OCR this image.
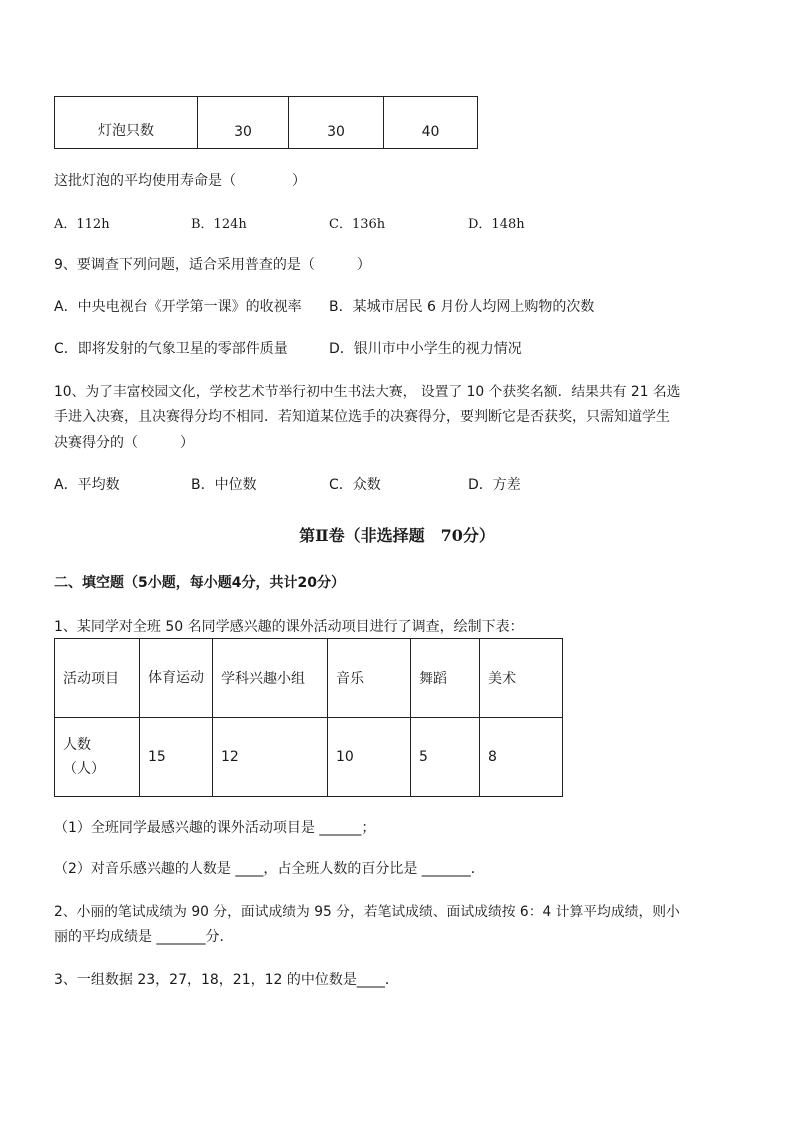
灯泡只数	30	30	40
这批灯泡的平均使用寿命是（　　　　）
A．112h	B．124h	C．136h	D．148h
9、要调查下列问题，适合采用普查的是（　　　）
A．中央电视台《开学第一课》的收视率 B．某城市居民 6 月份人均网上购物的次数
C．即将发射的气象卫星的零部件质量	D．银川市中小学生的视力情况
10、为了丰富校园文化，学校艺术节举行初中生书法大赛， 设置了 10 个获奖名额．结果共有 21 名选
手进入决赛，且决赛得分均不相同．若知道某位选手的决赛得分，要判断它是否获奖，只需知道学生
决赛得分的（　　　）
A．平均数	B．中位数	C．众数	D．方差
第Ⅱ卷（非选择题　70分）
二、填空题（5小题，每小题4分，共计20分）
1、某同学对全班 50 名同学感兴趣的课外活动项目进行了调查，绘制下表：
活动项目	体育运动	学科兴趣小组	音乐	舞蹈	美术

人数
（人）	15	12	10	5	8
（1）全班同学最感兴趣的课外活动项目是 ______；
（2）对音乐感兴趣的人数是 ____，占全班人数的百分比是 _______．
2、小丽的笔试成绩为 90 分，面试成绩为 95 分，若笔试成绩、面试成绩按 6：4 计算平均成绩，则小
丽的平均成绩是 _______分．
3、一组数据 23，27，18，21，12 的中位数是____．
